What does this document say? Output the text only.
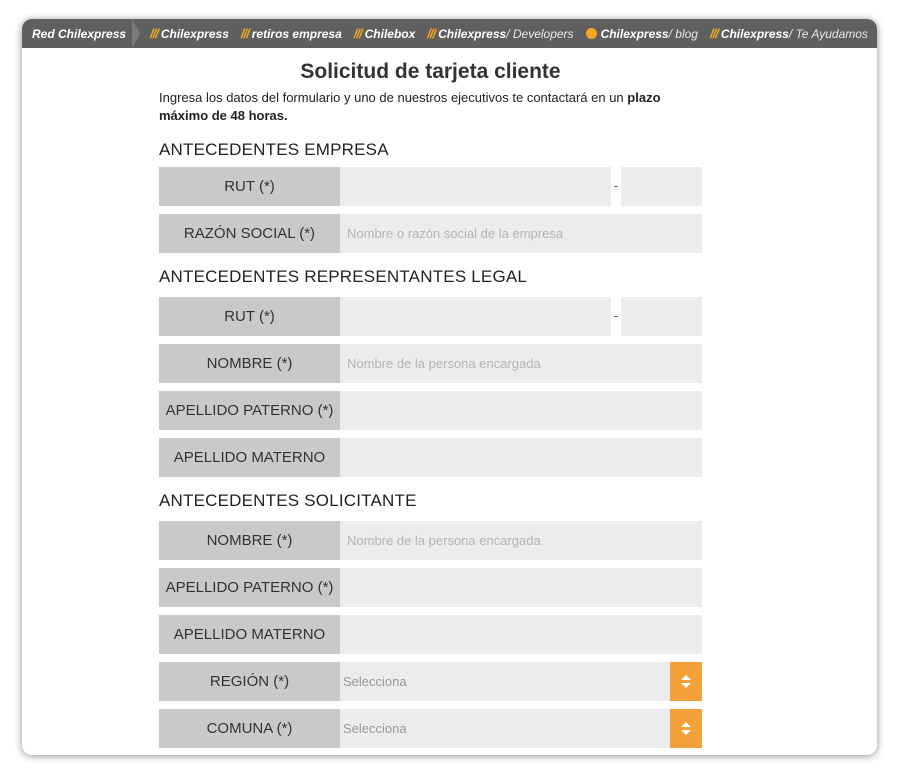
Red Chilexpress /// Chilexpress /// retiros empresa /// Chilebox /// Chilexpress / Developers Chilexpress / blog /// Chilexpress / Te Ayudamos
Solicitud de tarjeta cliente
Ingresa los datos del formulario y uno de nuestros ejecutivos te contactará en un plazo máximo de 48 horas.
ANTECEDENTES EMPRESA
RUT (*)	-
RAZÓN SOCIAL (*)	Nombre o razón social de la empresa
ANTECEDENTES REPRESENTANTES LEGAL
RUT (*)	-
NOMBRE (*)	Nombre de la persona encargada
APELLIDO PATERNO (*)
APELLIDO MATERNO
ANTECEDENTES SOLICITANTE
NOMBRE (*)	Nombre de la persona encargada
APELLIDO PATERNO (*)
APELLIDO MATERNO
REGIÓN (*)	Selecciona
COMUNA (*)	Selecciona
